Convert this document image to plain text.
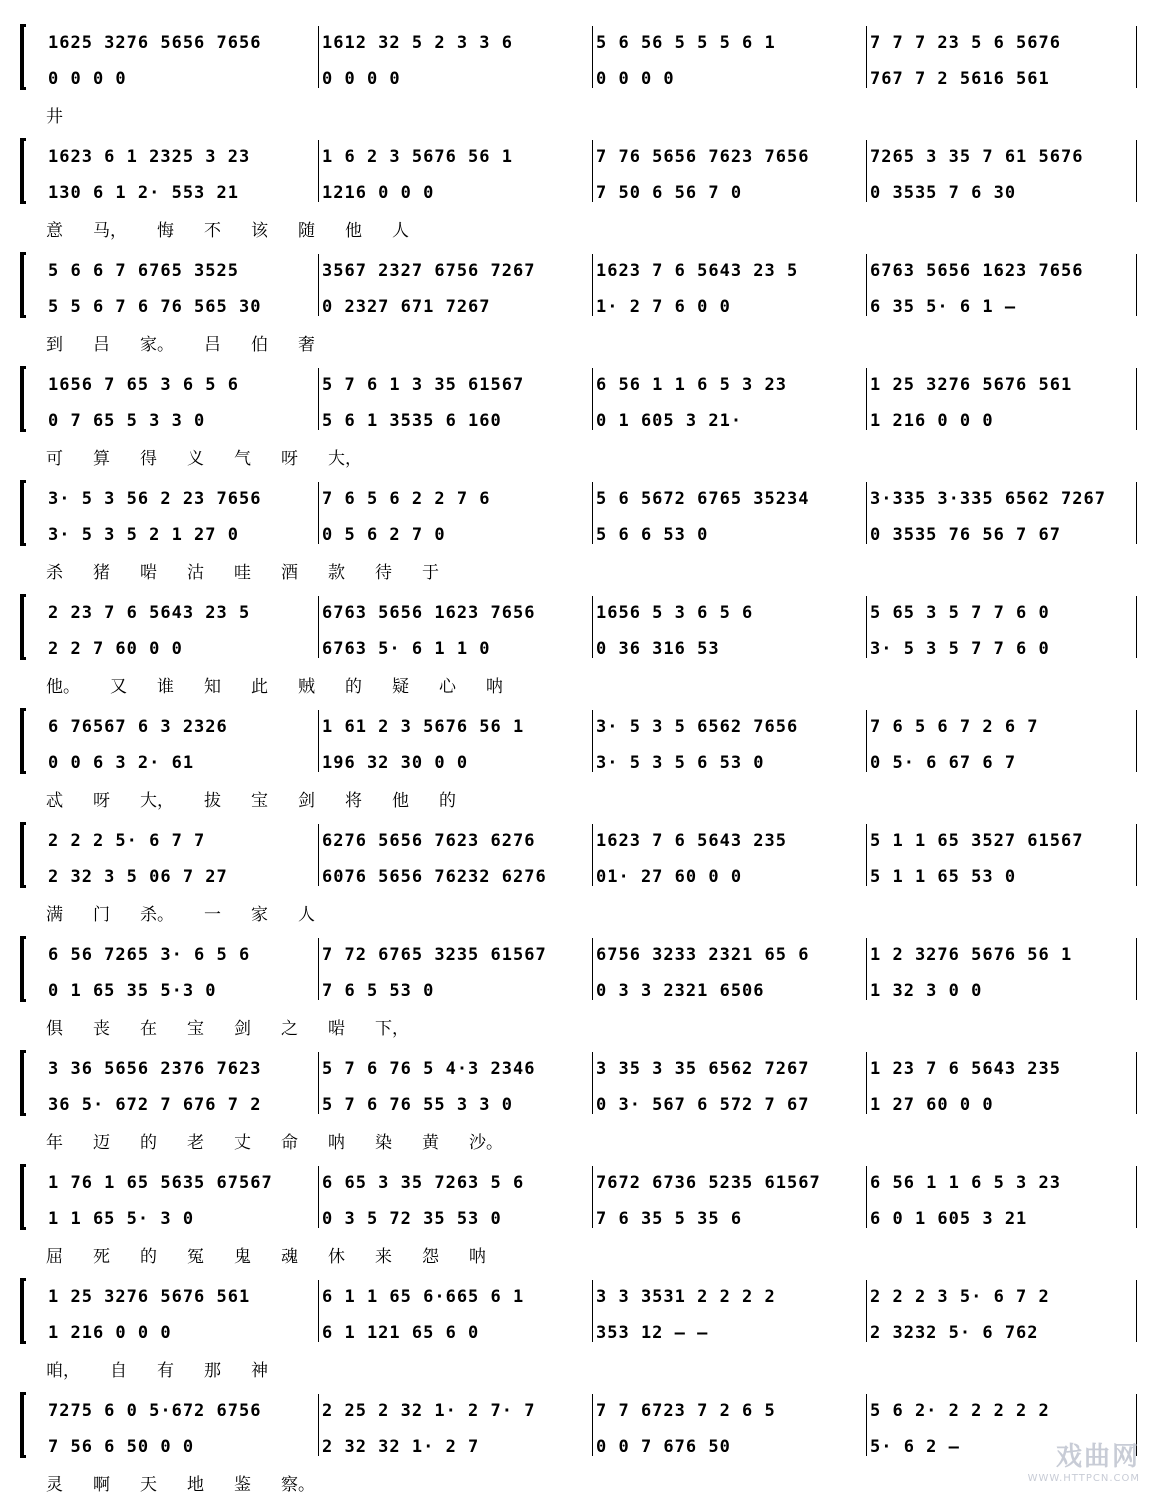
1625 3276 5656 7656
0 0 0 0
1612 32 5 2 3 3 6
0 0 0 0
5 6 56 5 5 5 6 1
0 0 0 0
7 7 7 23 5 6 5676
767 7 2 5616 561
井
1623 6 1 2325 3 23
130 6 1 2· 553 21
1 6 2 3 5676 56 1
1216 0 0 0
7 76 5656 7623 7656
7 50 6 56 7 0
7265 3 35 7 61 5676
0 3535 7 6 30
意 马， 悔 不 该 随 他 人
5 6 6 7 6765 3525
5 5 6 7 6 76 565 30
3567 2327 6756 7267
0 2327 671 7267
1623 7 6 5643 23 5
1· 2 7 6 0 0
6763 5656 1623 7656
6 35 5· 6 1 —
到 吕 家。 吕 伯 奢
1656 7 65 3 6 5 6
0 7 65 5 3 3 0
5 7 6 1 3 35 61567
5 6 1 3535 6 160
6 56 1 1 6 5 3 23
0 1 605 3 21·
1 25 3276 5676 561
1 216 0 0 0
可 算 得 义 气 呀 大，
3· 5 3 56 2 23 7656
3· 5 3 5 2 1 27 0
7 6 5 6 2 2 7 6
0 5 6 2 7 0
5 6 5672 6765 35234
5 6 6 53 0
3·335 3·335 6562 7267
0 3535 76 56 7 67
杀 猪 啱 沽 哇 酒 款 待 于
2 23 7 6 5643 23 5
2 2 7 60 0 0
6763 5656 1623 7656
6763 5· 6 1 1 0
1656 5 3 6 5 6
0 36 316 53
5 65 3 5 7 7 6 0
3· 5 3 5 7 7 6 0
他。 又 谁 知 此 贼 的 疑 心 呐
6 76567 6 3 2326
0 0 6 3 2· 61
1 61 2 3 5676 56 1
196 32 30 0 0
3· 5 3 5 6562 7656
3· 5 3 5 6 53 0
7 6 5 6 7 2 6 7
0 5· 6 67 6 7
忒 呀 大， 拔 宝 剑 将 他 的
2 2 2 5· 6 7 7
2 32 3 5 06 7 27
6276 5656 7623 6276
6076 5656 76232 6276
1623 7 6 5643 235
01· 27 60 0 0
5 1 1 65 3527 61567
5 1 1 65 53 0
满 门 杀。 一 家 人
6 56 7265 3· 6 5 6
0 1 65 35 5·3 0
7 72 6765 3235 61567
7 6 5 53 0
6756 3233 2321 65 6
0 3 3 2321 6506
1 2 3276 5676 56 1
1 32 3 0 0
俱 丧 在 宝 剑 之 啱 下，
3 36 5656 2376 7623
36 5· 672 7 676 7 2
5 7 6 76 5 4·3 2346
5 7 6 76 55 3 3 0
3 35 3 35 6562 7267
0 3· 567 6 572 7 67
1 23 7 6 5643 235
1 27 60 0 0
年 迈 的 老 丈 命 呐 染 黄 沙。
1 76 1 65 5635 67567
1 1 65 5· 3 0
6 65 3 35 7263 5 6
0 3 5 72 35 53 0
7672 6736 5235 61567
7 6 35 5 35 6
6 56 1 1 6 5 3 23
6 0 1 605 3 21
屈 死 的 冤 鬼 魂 休 来 怨 呐
1 25 3276 5676 561
1 216 0 0 0
6 1 1 65 6·665 6 1
6 1 121 65 6 0
3 3 3531 2 2 2 2
353 12 — —
2 2 2 3 5· 6 7 2
2 3232 5· 6 762
咱， 自 有 那 神
7275 6 0 5·672 6756
7 56 6 50 0 0
2 25 2 32 1· 2 7· 7
2 32 32 1· 2 7
7 7 6723 7 2 6 5
0 0 7 676 50
5 6 2· 2 2 2 2 2
5· 6 2 —
灵 啊 天 地 鉴 察。
戏曲网
WWW.HTTPCN.COM
